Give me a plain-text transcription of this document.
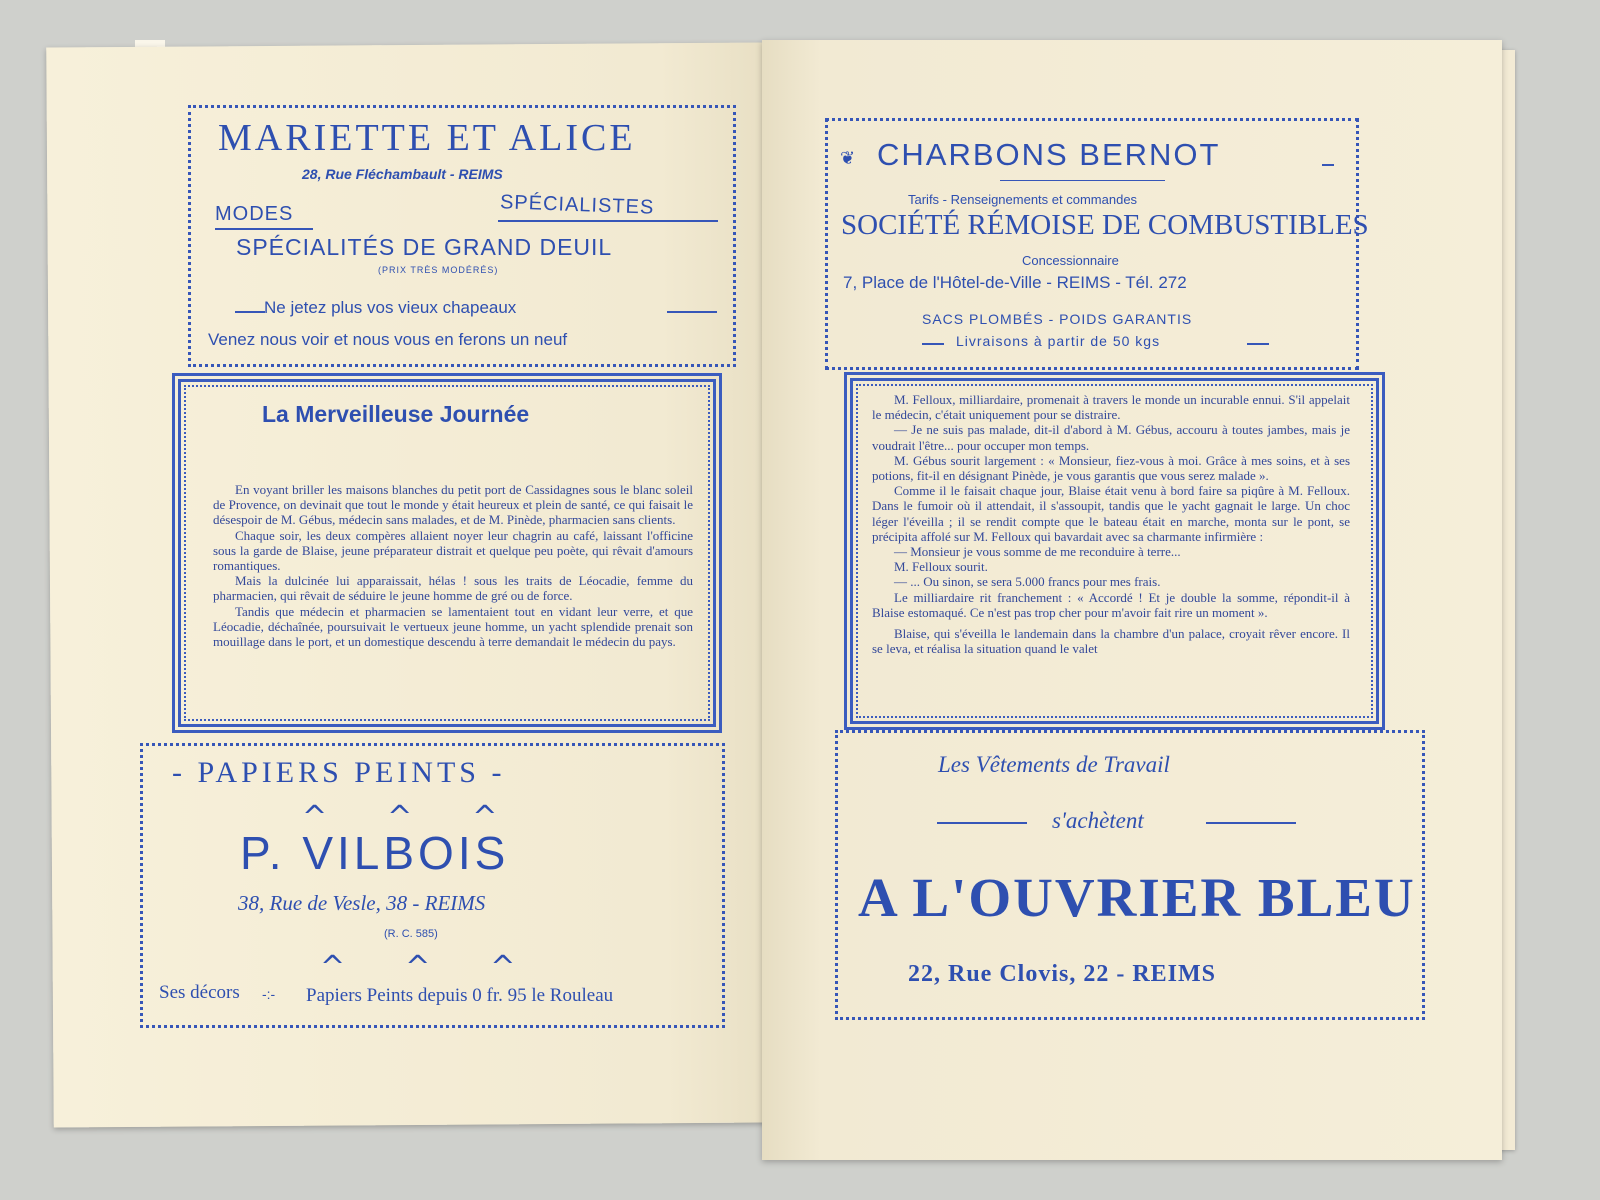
MARIETTE ET ALICE
28, Rue Fléchambault - REIMS
MODES	SPÉCIALISTES
SPÉCIALITÉS DE GRAND DEUIL
(PRIX TRÈS MODÉRÉS)
Ne jetez plus vos vieux chapeaux
Venez nous voir et nous vous en ferons un neuf
La Merveilleuse Journée

En voyant briller les maisons blanches du petit port de Cassidagnes sous le blanc soleil de Provence, on devinait que tout le monde y était heureux et plein de santé, ce qui faisait le désespoir de M. Gébus, médecin sans malades, et de M. Pinède, pharmacien sans clients.

Chaque soir, les deux compères allaient noyer leur chagrin au café, laissant l'officine sous la garde de Blaise, jeune préparateur distrait et quelque peu poète, qui rêvait d'amours romantiques.

Mais la dulcinée lui apparaissait, hélas ! sous les traits de Léocadie, femme du pharmacien, qui rêvait de séduire le jeune homme de gré ou de force.

Tandis que médecin et pharmacien se lamentaient tout en vidant leur verre, et que Léocadie, déchaînée, poursuivait le vertueux jeune homme, un yacht splendide prenait son mouillage dans le port, et un domestique descendu à terre demandait le médecin du pays.

- PAPIERS PEINTS -
^^^
P. VILBOIS
38, Rue de Vesle, 38 - REIMS
(R. C. 585)
^^^
Ses décors -:- Papiers Peints depuis 0 fr. 95 le Rouleau
❦ CHARBONS BERNOT
Tarifs - Renseignements et commandes
SOCIÉTÉ RÉMOISE DE COMBUSTIBLES
Concessionnaire
7, Place de l'Hôtel-de-Ville - REIMS - Tél. 272
SACS PLOMBÉS - POIDS GARANTIS
Livraisons à partir de 50 kgs

M. Felloux, milliardaire, promenait à travers le monde un incurable ennui. S'il appelait le médecin, c'était uniquement pour se distraire.

— Je ne suis pas malade, dit-il d'abord à M. Gébus, accouru à toutes jambes, mais je voudrait l'être... pour occuper mon temps.

M. Gébus sourit largement : « Monsieur, fiez-vous à moi. Grâce à mes soins, et à ses potions, fit-il en désignant Pinède, je vous garantis que vous serez malade ».

Comme il le faisait chaque jour, Blaise était venu à bord faire sa piqûre à M. Felloux. Dans le fumoir où il attendait, il s'assoupit, tandis que le yacht gagnait le large. Un choc léger l'éveilla ; il se rendit compte que le bateau était en marche, monta sur le pont, se précipita affolé sur M. Felloux qui bavardait avec sa charmante infirmière :

— Monsieur je vous somme de me reconduire à terre...

M. Felloux sourit.

— ... Ou sinon, se sera 5.000 francs pour mes frais.

Le milliardaire rit franchement : « Accordé ! Et je double la somme, répondit-il à Blaise estomaqué. Ce n'est pas trop cher pour m'avoir fait rire un moment ».

Blaise, qui s'éveilla le landemain dans la chambre d'un palace, croyait rêver encore. Il se leva, et réalisa la situation quand le valet

Les Vêtements de Travail
s'achètent
A L'OUVRIER BLEU
22, Rue Clovis, 22 - REIMS
